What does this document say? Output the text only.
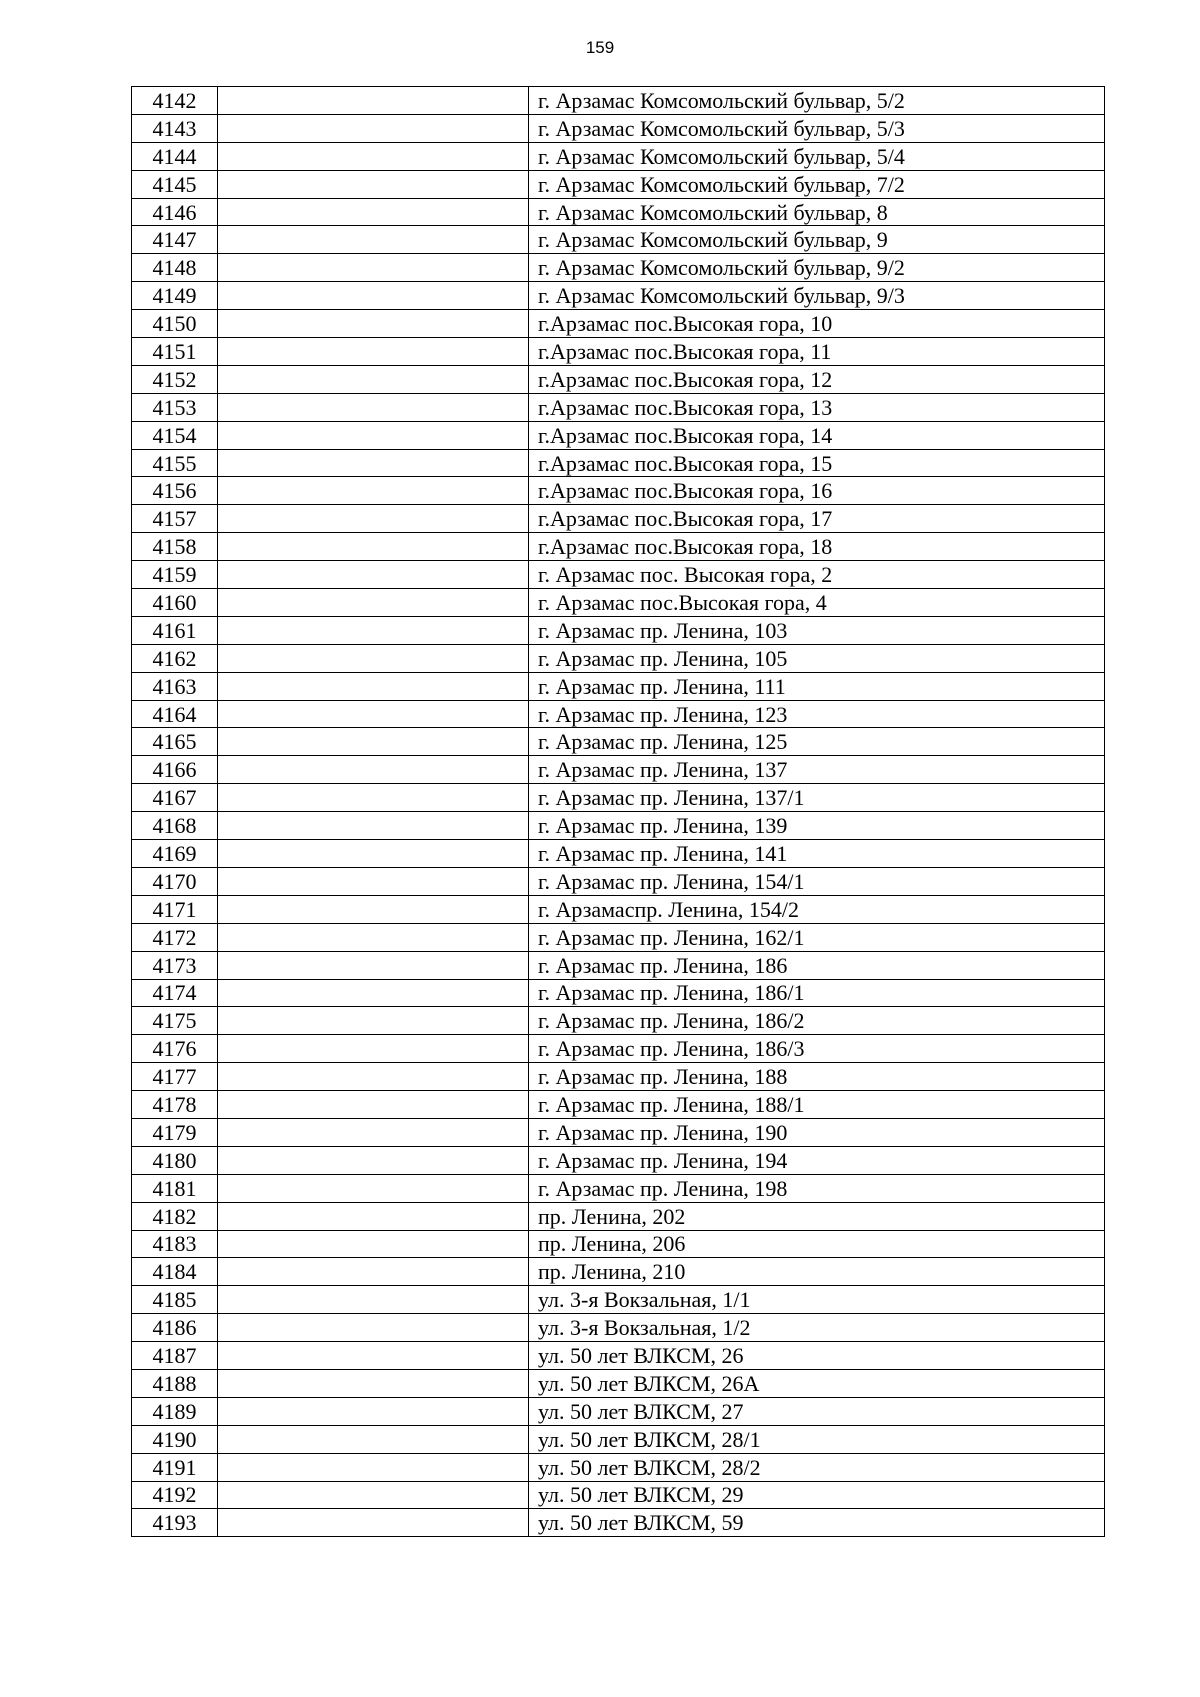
159
4142		г. Арзамас Комсомольский бульвар, 5/2
4143		г. Арзамас Комсомольский бульвар, 5/3
4144		г. Арзамас Комсомольский бульвар, 5/4
4145		г. Арзамас Комсомольский бульвар, 7/2
4146		г. Арзамас Комсомольский бульвар, 8
4147		г. Арзамас Комсомольский бульвар, 9
4148		г. Арзамас Комсомольский бульвар, 9/2
4149		г. Арзамас Комсомольский бульвар, 9/3
4150		г.Арзамас пос.Высокая гора, 10
4151		г.Арзамас пос.Высокая гора, 11
4152		г.Арзамас пос.Высокая гора, 12
4153		г.Арзамас пос.Высокая гора, 13
4154		г.Арзамас пос.Высокая гора, 14
4155		г.Арзамас пос.Высокая гора, 15
4156		г.Арзамас пос.Высокая гора, 16
4157		г.Арзамас пос.Высокая гора, 17
4158		г.Арзамас пос.Высокая гора, 18
4159		г. Арзамас пос. Высокая гора, 2
4160		г. Арзамас пос.Высокая гора, 4
4161		г. Арзамас пр. Ленина, 103
4162		г. Арзамас пр. Ленина, 105
4163		г. Арзамас пр. Ленина, 111
4164		г. Арзамас пр. Ленина, 123
4165		г. Арзамас пр. Ленина, 125
4166		г. Арзамас пр. Ленина, 137
4167		г. Арзамас пр. Ленина, 137/1
4168		г. Арзамас пр. Ленина, 139
4169		г. Арзамас пр. Ленина, 141
4170		г. Арзамас пр. Ленина, 154/1
4171		г. Арзамаспр. Ленина, 154/2
4172		г. Арзамас пр. Ленина, 162/1
4173		г. Арзамас пр. Ленина, 186
4174		г. Арзамас пр. Ленина, 186/1
4175		г. Арзамас пр. Ленина, 186/2
4176		г. Арзамас пр. Ленина, 186/3
4177		г. Арзамас пр. Ленина, 188
4178		г. Арзамас пр. Ленина, 188/1
4179		г. Арзамас пр. Ленина, 190
4180		г. Арзамас пр. Ленина, 194
4181		г. Арзамас пр. Ленина, 198
4182		пр. Ленина, 202
4183		пр. Ленина, 206
4184		пр. Ленина, 210
4185		ул. 3-я Вокзальная, 1/1
4186		ул. 3-я Вокзальная, 1/2
4187		ул. 50 лет ВЛКСМ, 26
4188		ул. 50 лет ВЛКСМ, 26А
4189		ул. 50 лет ВЛКСМ, 27
4190		ул. 50 лет ВЛКСМ, 28/1
4191		ул. 50 лет ВЛКСМ, 28/2
4192		ул. 50 лет ВЛКСМ, 29
4193		ул. 50 лет ВЛКСМ, 59
